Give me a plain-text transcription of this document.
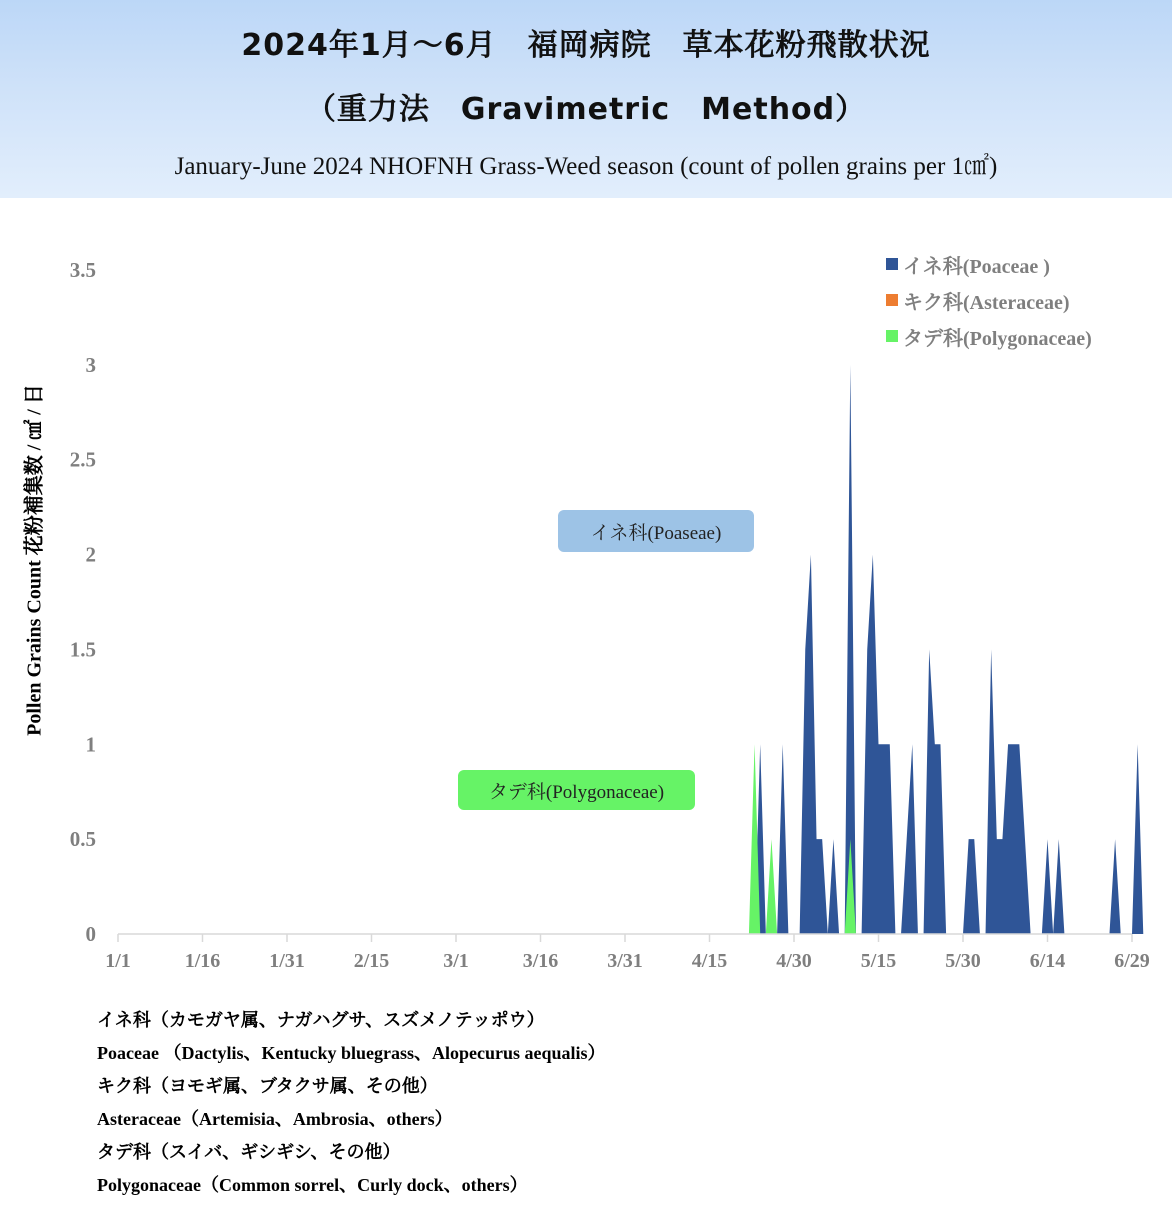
2024年1月～6月　福岡病院　草本花粉飛散状況
（重力法　Gravimetric　Method）
January-June 2024 NHOFNH Grass-Weed season (count of pollen grains per 1㎠)
1/1	1/16 1/31 2/15	3/1	3/16 3/31 4/15 4/30 5/15 5/30 6/14 6/29
0
0.5
1
1.5
2
2.5
3
3.5
Pollen Grains Count 花粉補集数 / ㎠ / 日
イネ科(Poaceae )
キク科(Asteraceae)
タデ科(Polygonaceae)
イネ科(Poaseae)
タデ科(Polygonaceae)
イネ科（カモガヤ属、ナガハグサ、スズメノテッポウ）
Poaceae （Dactylis、Kentucky bluegrass、Alopecurus aequalis）
キク科（ヨモギ属、ブタクサ属、その他）
Asteraceae（Artemisia、Ambrosia、others）
タデ科（スイバ、ギシギシ、その他）
Polygonaceae（Common sorrel、Curly dock、others）
